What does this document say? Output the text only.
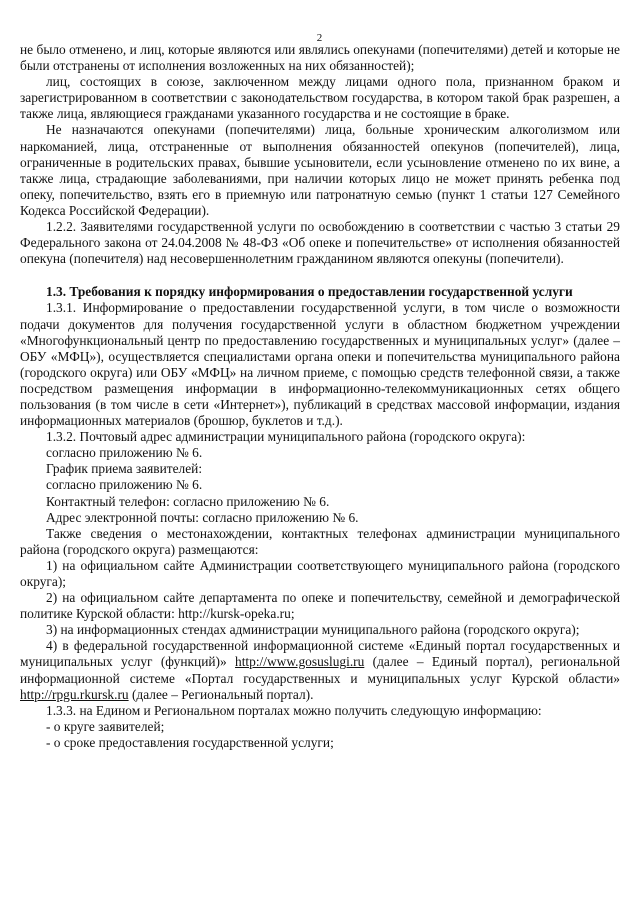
2

не было отменено, и лиц, которые являются или являлись опекунами (попечителями) детей и которые не были отстранены от исполнения возложенных на них обязанностей);

лиц, состоящих в союзе, заключенном между лицами одного пола, признанном браком и зарегистрированном в соответствии с законодательством государства, в котором такой брак разрешен, а также лица, являющиеся гражданами указанного государства и не состоящие в браке.

Не назначаются опекунами (попечителями) лица, больные хроническим алкоголизмом или наркоманией, лица, отстраненные от выполнения обязанностей опекунов (попечителей), лица, ограниченные в родительских правах, бывшие усыновители, если усыновление отменено по их вине, а также лица, страдающие заболеваниями, при наличии которых лицо не может принять ребенка под опеку, попечительство, взять его в приемную или патронатную семью (пункт 1 статьи 127 Семейного Кодекса Российской Федерации).

1.2.2. Заявителями государственной услуги по освобождению в соответствии с частью 3 статьи 29 Федерального закона от 24.04.2008 № 48-ФЗ «Об опеке и попечительстве» от исполнения обязанностей опекуна (попечителя) над несовершеннолетним гражданином являются опекуны (попечители).

1.3. Требования к порядку информирования о предоставлении государственной услуги

1.3.1. Информирование о предоставлении государственной услуги, в том числе о возможности подачи документов для получения государственной услуги в областном бюджетном учреждении «Многофункциональный центр по предоставлению государственных и муниципальных услуг» (далее – ОБУ «МФЦ»), осуществляется специалистами органа опеки и попечительства муниципального района (городского округа) или ОБУ «МФЦ» на личном приеме, с помощью средств телефонной связи, а также посредством размещения информации в информационно-телекоммуникационных сетях общего пользования (в том числе в сети «Интернет»), публикаций в средствах массовой информации, издания информационных материалов (брошюр, буклетов и т.д.).

1.3.2. Почтовый адрес администрации муниципального района (городского округа):

согласно приложению № 6.

График приема заявителей:

согласно приложению № 6.

Контактный телефон: согласно приложению № 6.

Адрес электронной почты: согласно приложению № 6.

Также сведения о местонахождении, контактных телефонах администрации муниципального района (городского округа) размещаются:

1) на официальном сайте Администрации соответствующего муниципального района (городского округа);

2) на официальном сайте департамента по опеке и попечительству, семейной и демографической политике Курской области: http://kursk-opeka.ru;

3) на информационных стендах администрации муниципального района (городского округа);

4) в федеральной государственной информационной системе «Единый портал государственных и муниципальных услуг (функций)» http://www.gosuslugi.ru (далее – Единый портал), региональной информационной системе «Портал государственных и муниципальных услуг Курской области» http://rpgu.rkursk.ru (далее – Региональный портал).

1.3.3. на Едином и Региональном порталах можно получить следующую информацию:

- о круге заявителей;

- о сроке предоставления государственной услуги;
